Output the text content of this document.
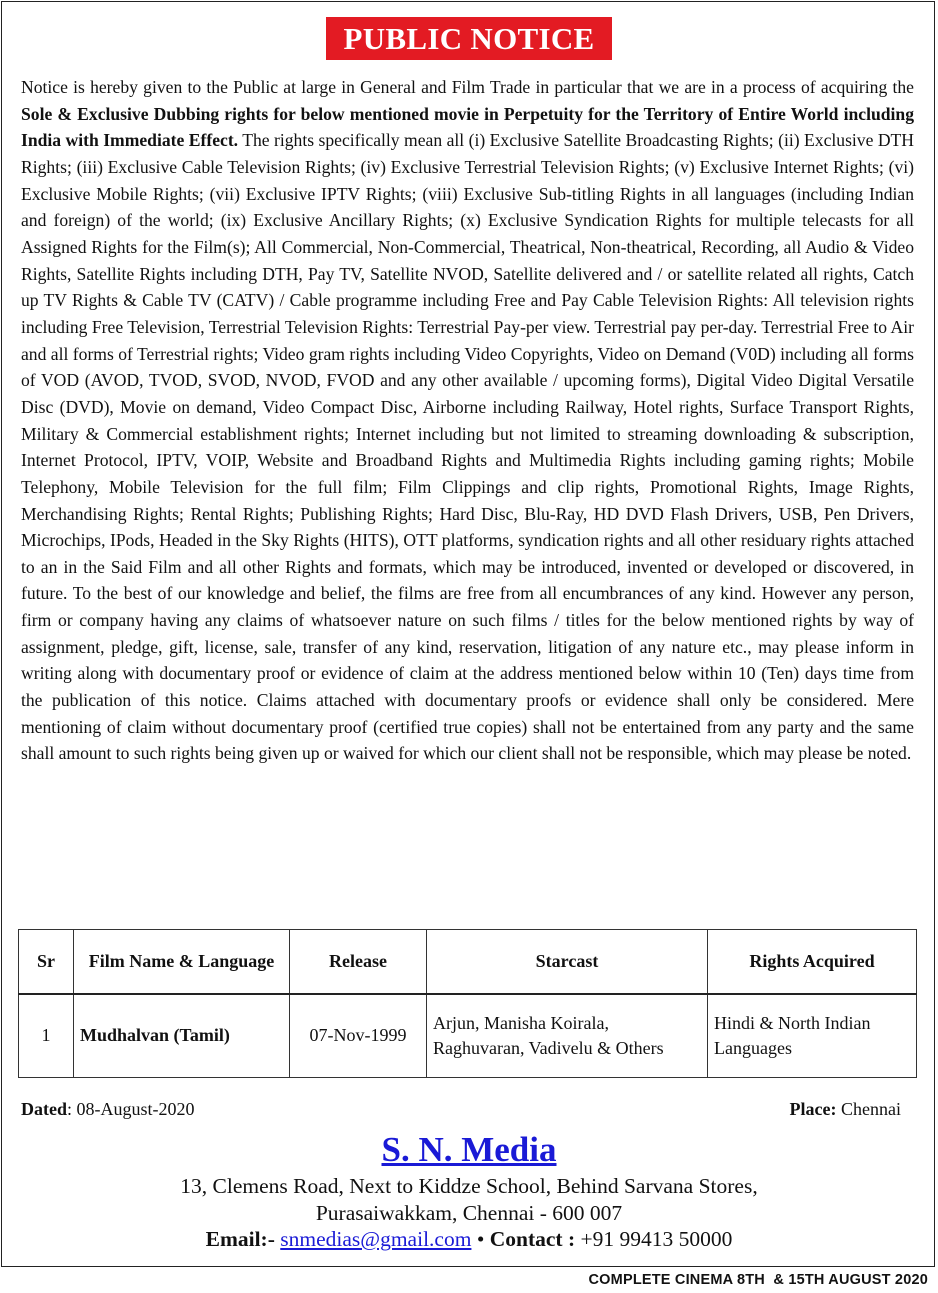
PUBLIC NOTICE
Notice is hereby given to the Public at large in General and Film Trade in particular that we are in a process of acquiring the Sole & Exclusive Dubbing rights for below mentioned movie in Perpetuity for the Territory of Entire World including India with Immediate Effect. The rights specifically mean all (i) Exclusive Satellite Broadcasting Rights; (ii) Exclusive DTH Rights; (iii) Exclusive Cable Television Rights; (iv) Exclusive Terrestrial Television Rights; (v) Exclusive Internet Rights; (vi) Exclusive Mobile Rights; (vii) Exclusive IPTV Rights; (viii) Exclusive Sub-titling Rights in all languages (including Indian and foreign) of the world; (ix) Exclusive Ancillary Rights; (x) Exclusive Syndication Rights for multiple telecasts for all Assigned Rights for the Film(s); All Commercial, Non-Commercial, Theatrical, Non-theatrical, Recording, all Audio & Video Rights, Satellite Rights including DTH, Pay TV, Satellite NVOD, Satellite delivered and / or satellite related all rights, Catch up TV Rights & Cable TV (CATV) / Cable programme including Free and Pay Cable Television Rights: All television rights including Free Television, Terrestrial Television Rights: Terrestrial Pay-per view. Terrestrial pay per-day. Terrestrial Free to Air and all forms of Terrestrial rights; Video gram rights including Video Copyrights, Video on Demand (V0D) including all forms of VOD (AVOD, TVOD, SVOD, NVOD, FVOD and any other available / upcoming forms), Digital Video Digital Versatile Disc (DVD), Movie on demand, Video Compact Disc, Airborne including Railway, Hotel rights, Surface Transport Rights, Military & Commercial establishment rights; Internet including but not limited to streaming downloading & subscription, Internet Protocol, IPTV, VOIP, Website and Broadband Rights and Multimedia Rights including gaming rights; Mobile Telephony, Mobile Television for the full film; Film Clippings and clip rights, Promotional Rights, Image Rights, Merchandising Rights; Rental Rights; Publishing Rights; Hard Disc, Blu-Ray, HD DVD Flash Drivers, USB, Pen Drivers, Microchips, IPods, Headed in the Sky Rights (HITS), OTT platforms, syndication rights and all other residuary rights attached to an in the Said Film and all other Rights and formats, which may be introduced, invented or developed or discovered, in future. To the best of our knowledge and belief, the films are free from all encumbrances of any kind. However any person, firm or company having any claims of whatsoever nature on such films / titles for the below mentioned rights by way of assignment, pledge, gift, license, sale, transfer of any kind, reservation, litigation of any nature etc., may please inform in writing along with documentary proof or evidence of claim at the address mentioned below within 10 (Ten) days time from the publication of this notice. Claims attached with documentary proofs or evidence shall only be considered. Mere mentioning of claim without documentary proof (certified true copies) shall not be entertained from any party and the same shall amount to such rights being given up or waived for which our client shall not be responsible, which may please be noted.
Sr	Film Name & Language	Release	Starcast	Rights Acquired
1	Mudhalvan (Tamil)	07-Nov-1999	Arjun, Manisha Koirala, Raghuvaran, Vadivelu & Others	Hindi & North Indian Languages
Dated: 08-August-2020	Place: Chennai
S. N. Media
13, Clemens Road, Next to Kiddze School, Behind Sarvana Stores,
Purasaiwakkam, Chennai - 600 007
Email:- snmedias@gmail.com • Contact : +91 99413 50000
COMPLETE CINEMA 8TH  & 15TH AUGUST 2020
